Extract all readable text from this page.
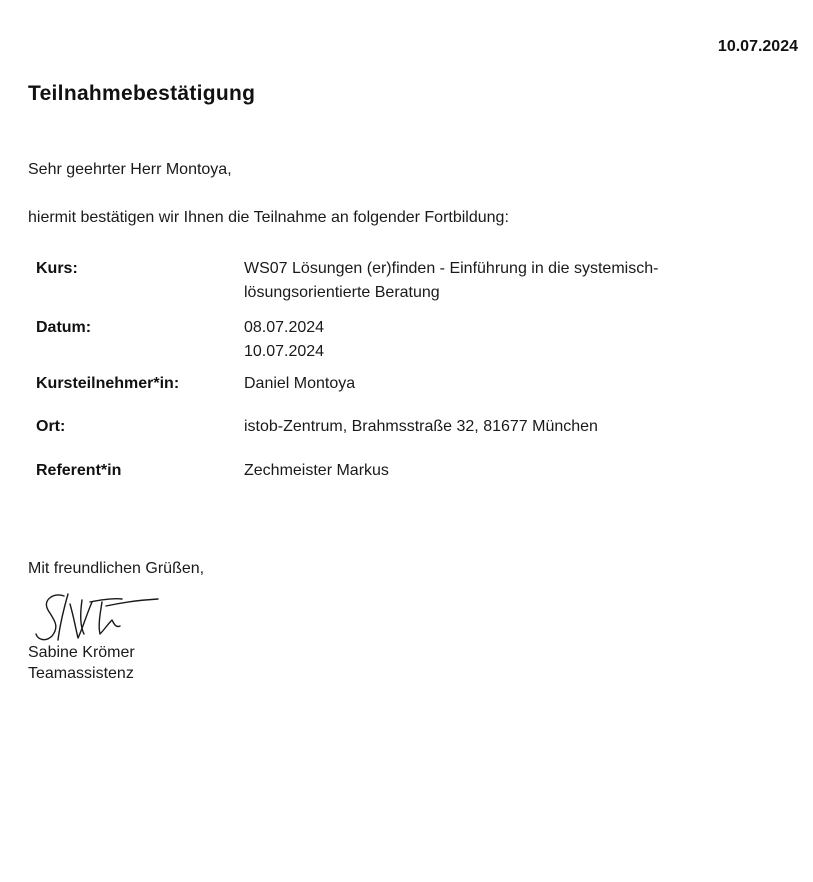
10.07.2024
Teilnahmebestätigung
Sehr geehrter Herr Montoya,
hiermit bestätigen wir Ihnen die Teilnahme an folgender Fortbildung:
Kurs:	WS07 Lösungen (er)finden - Einführung in die systemisch-
lösungsorientierte Beratung

Datum:	08.07.2024
10.07.2024

Kursteilnehmer*in:	Daniel Montoya
Ort:	istob-Zentrum, Brahmsstraße 32, 81677 München
Referent*in	Zechmeister Markus
Mit freundlichen Grüßen,
Sabine Krömer
Teamassistenz
